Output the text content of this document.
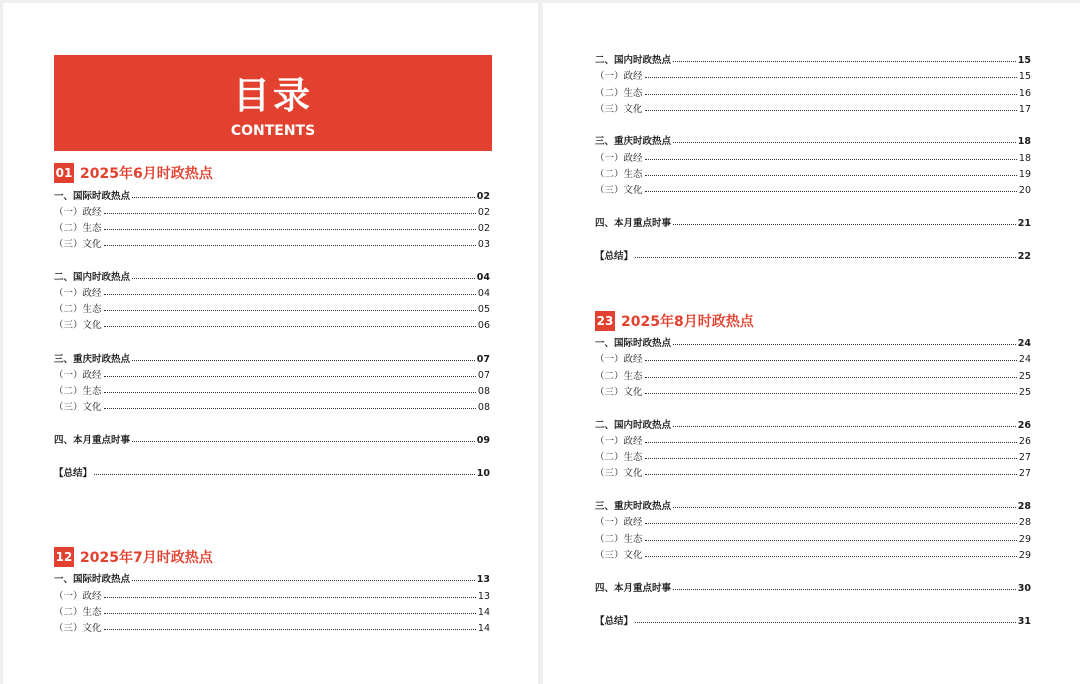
目录
CONTENTS
01 2025年6月时政热点
一、国际时政热点	02
（一）政经	02
（二）生态	02
（三）文化	03
二、国内时政热点	04
（一）政经	04
（二）生态	05
（三）文化	06
三、重庆时政热点	07
（一）政经	07
（二）生态	08
（三）文化	08
四、本月重点时事	09
【总结】	10
12 2025年7月时政热点
一、国际时政热点	13
（一）政经	13
（二）生态	14
（三）文化	14
二、国内时政热点	15
（一）政经	15
（二）生态	16
（三）文化	17
三、重庆时政热点	18
（一）政经	18
（二）生态	19
（三）文化	20
四、本月重点时事	21
【总结】	22
23 2025年8月时政热点
一、国际时政热点	24
（一）政经	24
（二）生态	25
（三）文化	25
二、国内时政热点	26
（一）政经	26
（二）生态	27
（三）文化	27
三、重庆时政热点	28
（一）政经	28
（二）生态	29
（三）文化	29
四、本月重点时事	30
【总结】	31
